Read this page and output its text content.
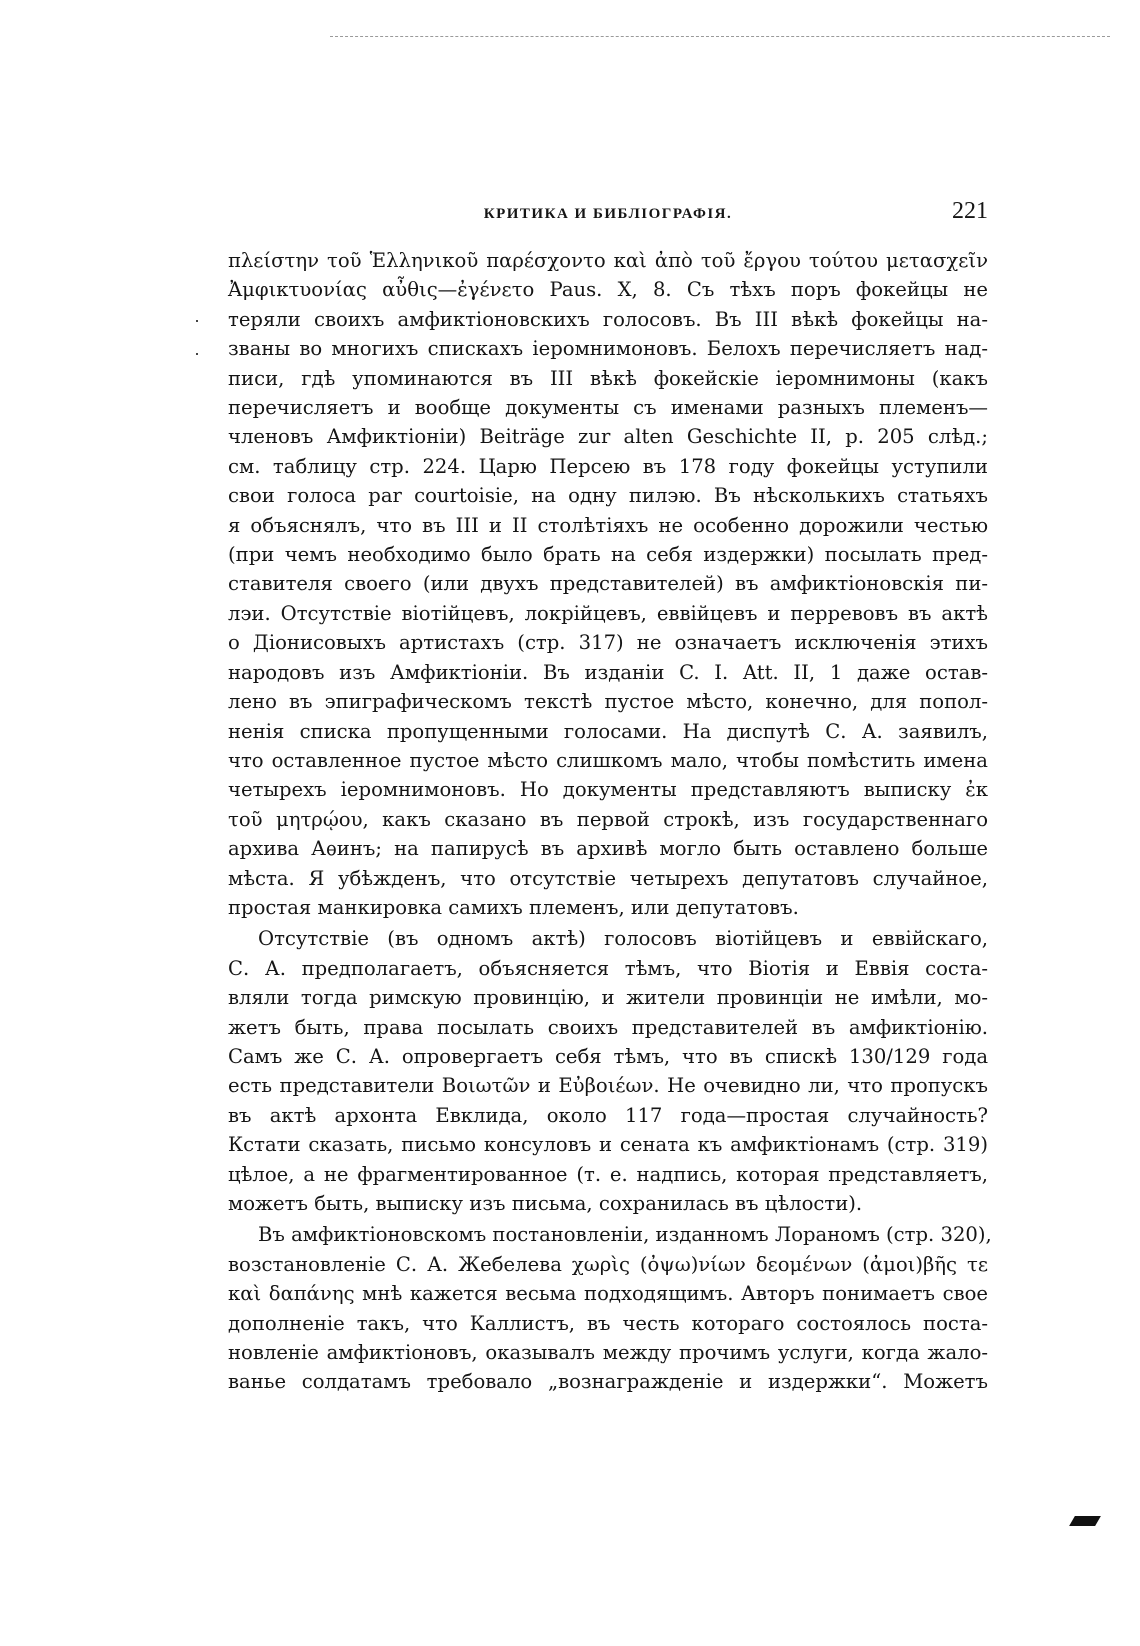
КРИТИКА И БИБЛІОГРАФІЯ.	221

πλείστην τοῦ Ἑλληνικοῦ παρέσχοντο καὶ ἀπὸ τοῦ ἔργου τούτου μετασχεῖν
Ἀμφικτυονίας αὖθις—ἐγένετο Paus. X, 8. Съ тѣхъ поръ фокейцы не
теряли своихъ амфиктіоновскихъ голосовъ. Въ III вѣкѣ фокейцы на-
званы во многихъ спискахъ іеромнимоновъ. Белохъ перечисляетъ над-
писи, гдѣ упоминаются въ III вѣкѣ фокейскіе іеромнимоны (какъ
перечисляетъ и вообще документы съ именами разныхъ племенъ—
членовъ Амфиктіоніи) Beiträge zur alten Geschichte II, p. 205 слѣд.;
см. таблицу стр. 224. Царю Персею въ 178 году фокейцы уступили
свои голоса par courtoisie, на одну пилэю. Въ нѣсколькихъ статьяхъ
я объяснялъ, что въ III и II столѣтіяхъ не особенно дорожили честью
(при чемъ необходимо было брать на себя издержки) посылать пред-
ставителя своего (или двухъ представителей) въ амфиктіоновскія пи-
лэи. Отсутствіе віотійцевъ, локрійцевъ, еввійцевъ и перревовъ въ актѣ
о Діонисовыхъ артистахъ (стр. 317) не означаетъ исключенія этихъ
народовъ изъ Амфиктіоніи. Въ изданіи C. I. Att. II, 1 даже остав-
лено въ эпиграфическомъ текстѣ пустое мѣсто, конечно, для попол-
ненія списка пропущенными голосами. На диспутѣ С. А. заявилъ,
что оставленное пустое мѣсто слишкомъ мало, чтобы помѣстить имена
четырехъ іеромнимоновъ. Но документы представляютъ выписку ἐκ
τοῦ μητρῴου, какъ сказано въ первой строкѣ, изъ государственнаго
архива Аѳинъ; на папирусѣ въ архивѣ могло быть оставлено больше
мѣста. Я убѣжденъ, что отсутствіе четырехъ депутатовъ случайное,
простая манкировка самихъ племенъ, или депутатовъ.

Отсутствіе (въ одномъ актѣ) голосовъ віотійцевъ и еввійскаго,
С. А. предполагаетъ, объясняется тѣмъ, что Віотія и Еввія соста-
вляли тогда римскую провинцію, и жители провинціи не имѣли, мо-
жетъ быть, права посылать своихъ представителей въ амфиктіонію.
Самъ же С. А. опровергаетъ себя тѣмъ, что въ спискѣ 130/129 года
есть представители Βοιωτῶν и Εὐβοιέων. Не очевидно ли, что пропускъ
въ актѣ архонта Евклида, около 117 года—простая случайность?
Кстати сказать, письмо консуловъ и сената къ амфиктіонамъ (стр. 319)
цѣлое, а не фрагментированное (т. е. надпись, которая представляетъ,
можетъ быть, выписку изъ письма, сохранилась въ цѣлости).

Въ амфиктіоновскомъ постановленіи, изданномъ Лораномъ (стр. 320),
возстановленіе С. А. Жебелева χωρὶς (ὀψω)νίων δεομένων (ἀμοι)βῆς τε
καὶ δαπάνης мнѣ кажется весьма подходящимъ. Авторъ понимаетъ свое
дополненіе такъ, что Каллистъ, въ честь котораго состоялось поста-
новленіе амфиктіоновъ, оказывалъ между прочимъ услуги, когда жало-
ванье солдатамъ требовало „вознагражденіе и издержки“. Можетъ
